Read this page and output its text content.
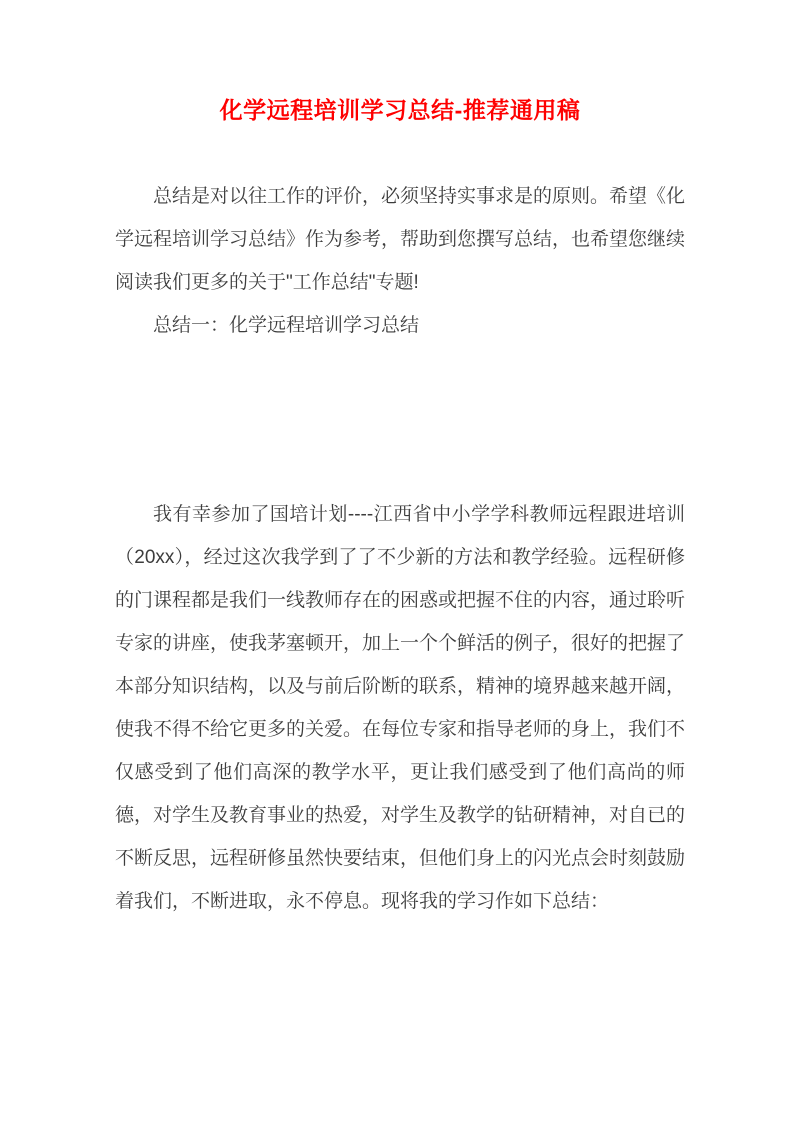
化学远程培训学习总结-推荐通用稿

总结是对以往工作的评价，必须坚持实事求是的原则。希望《化学远程培训学习总结》作为参考，帮助到您撰写总结，也希望您继续阅读我们更多的关于"工作总结"专题!

总结一：化学远程培训学习总结

我有幸参加了国培计划----江西省中小学学科教师远程跟进培训（20xx），经过这次我学到了了不少新的方法和教学经验。远程研修的门课程都是我们一线教师存在的困惑或把握不住的内容，通过聆听专家的讲座，使我茅塞顿开，加上一个个鲜活的例子，很好的把握了本部分知识结构，以及与前后阶断的联系，精神的境界越来越开阔，使我不得不给它更多的关爱。在每位专家和指导老师的身上，我们不仅感受到了他们高深的教学水平，更让我们感受到了他们高尚的师德，对学生及教育事业的热爱，对学生及教学的钻研精神，对自已的不断反思，远程研修虽然快要结束，但他们身上的闪光点会时刻鼓励着我们，不断进取，永不停息。现将我的学习作如下总结：
